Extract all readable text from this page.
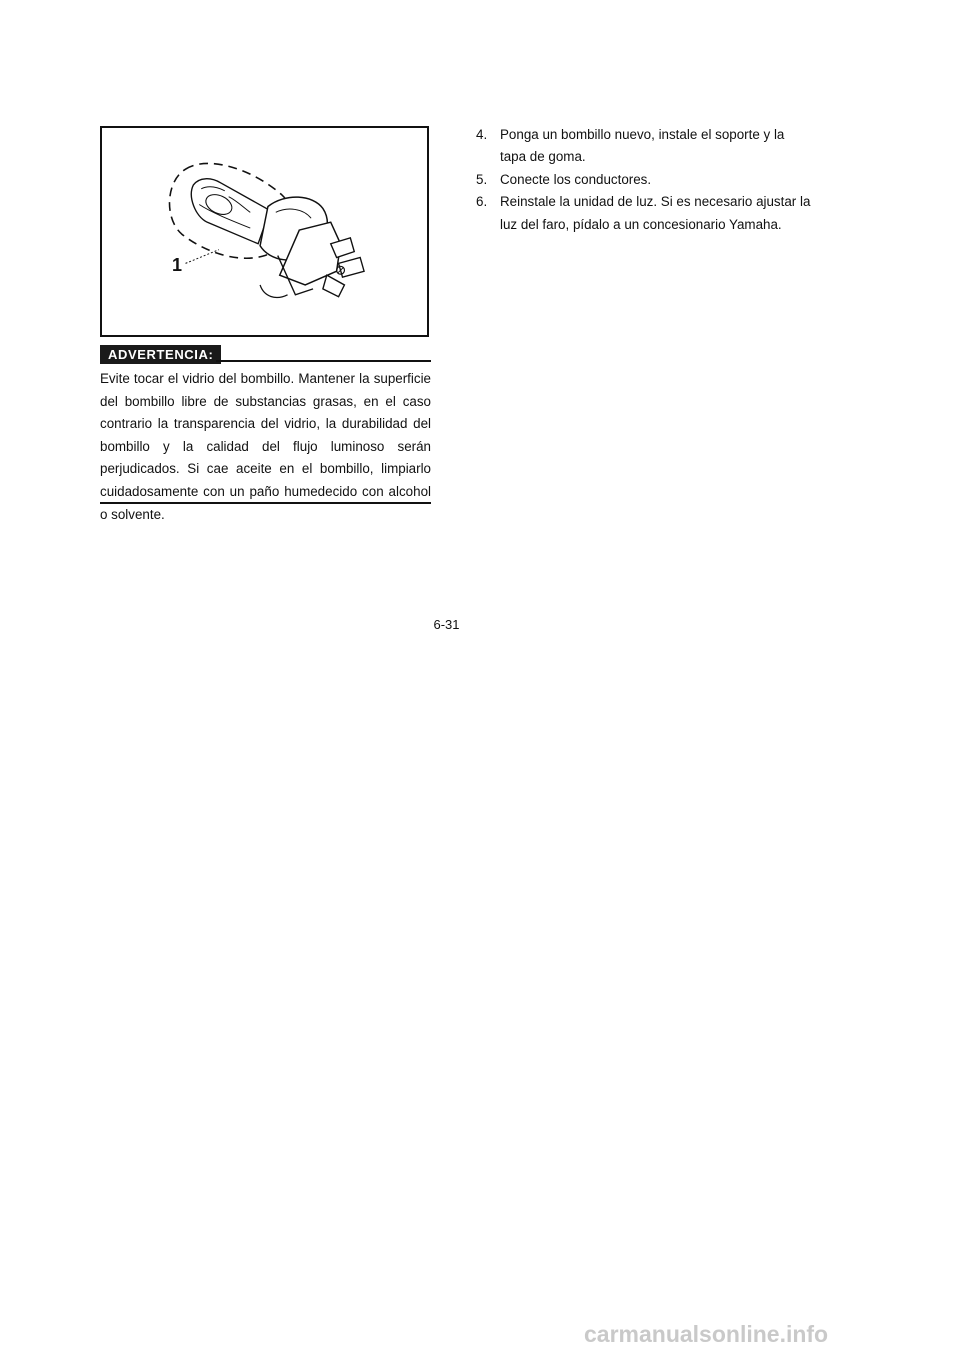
1
ADVERTENCIA:

Evite tocar el vidrio del bombillo. Mantener la superficie del bombillo libre de substancias grasas, en el caso contrario la transparencia del vidrio, la durabilidad del bombillo y la calidad del flujo luminoso serán perjudicados. Si cae aceite en el bombillo, limpiarlo cuidadosamente con un paño humedecido con alcohol o solvente.

4. Ponga un bombillo nuevo, instale el soporte y la tapa de goma.
5. Conecte los conductores.
6. Reinstale la unidad de luz. Si es necesario ajustar la luz del faro, pídalo a un concesionario Yamaha.
6-31
carmanualsonline.info
